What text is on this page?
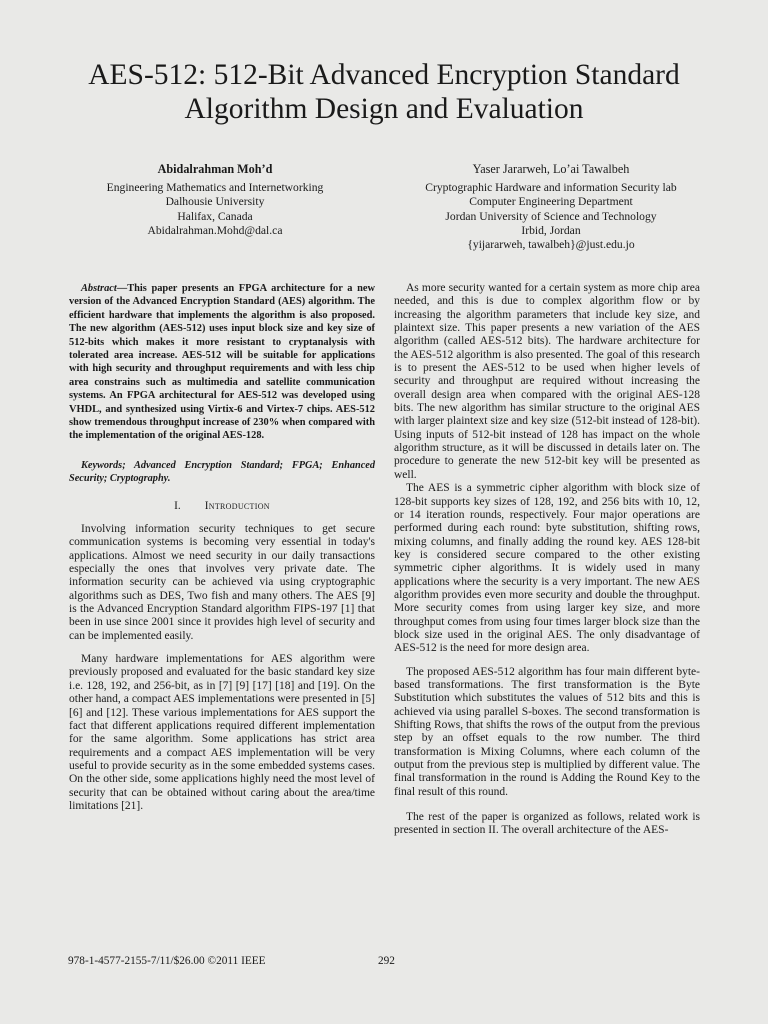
AES-512: 512-Bit Advanced Encryption Standard
Algorithm Design and Evaluation
Abidalrahman Moh’d
Engineering Mathematics and Internetworking
Dalhousie University
Halifax, Canada
Abidalrahman.Mohd@dal.ca
Yaser Jararweh, Lo’ai Tawalbeh
Cryptographic Hardware and information Security lab
Computer Engineering Department
Jordan University of Science and Technology
Irbid, Jordan
{yijararweh, tawalbeh}@just.edu.jo

Abstract—This paper presents an FPGA architecture for a new version of the Advanced Encryption Standard (AES) algorithm. The efficient hardware that implements the algorithm is also proposed. The new algorithm (AES-512) uses input block size and key size of 512-bits which makes it more resistant to cryptanalysis with tolerated area increase. AES-512 will be suitable for applications with high security and throughput requirements and with less chip area constrains such as multimedia and satellite communication systems. An FPGA architectural for AES-512 was developed using VHDL, and synthesized using Virtix-6 and Virtex-7 chips. AES-512 show tremendous throughput increase of 230% when compared with the implementation of the original AES-128.

Keywords; Advanced Encryption Standard; FPGA; Enhanced Security; Cryptography.

I. Introduction

Involving information security techniques to get secure communication systems is becoming very essential in today's applications. Almost we need security in our daily transactions especially the ones that involves very private date. The information security can be achieved via using cryptographic algorithms such as DES, Two fish and many others. The AES [9] is the Advanced Encryption Standard algorithm FIPS-197 [1] that been in use since 2001 since it provides high level of security and can be implemented easily.

Many hardware implementations for AES algorithm were previously proposed and evaluated for the basic standard key size i.e. 128, 192, and 256-bit, as in [7] [9] [17] [18] and [19]. On the other hand, a compact AES implementations were presented in [5] [6] and [12]. These various implementations for AES support the fact that different applications required different implementation for the same algorithm. Some applications has strict area requirements and a compact AES implementation will be very useful to provide security as in the some embedded systems cases. On the other side, some applications highly need the most level of security that can be obtained without caring about the area/time limitations [21].

As more security wanted for a certain system as more chip area needed, and this is due to complex algorithm flow or by increasing the algorithm parameters that include key size, and plaintext size. This paper presents a new variation of the AES algorithm (called AES-512 bits). The hardware architecture for the AES-512 algorithm is also presented. The goal of this research is to present the AES-512 to be used when higher levels of security and throughput are required without increasing the overall design area when compared with the original AES-128 bits. The new algorithm has similar structure to the original AES with larger plaintext size and key size (512-bit instead of 128-bit). Using inputs of 512-bit instead of 128 has impact on the whole algorithm structure, as it will be discussed in details later on. The procedure to generate the new 512-bit key will be presented as well.

The AES is a symmetric cipher algorithm with block size of 128-bit supports key sizes of 128, 192, and 256 bits with 10, 12, or 14 iteration rounds, respectively. Four major operations are performed during each round: byte substitution, shifting rows, mixing columns, and finally adding the round key. AES 128-bit key is considered secure compared to the other existing symmetric cipher algorithms. It is widely used in many applications where the security is a very important. The new AES algorithm provides even more security and double the throughput. More security comes from using larger key size, and more throughput comes from using four times larger block size than the block size used in the original AES. The only disadvantage of AES-512 is the need for more design area.

The proposed AES-512 algorithm has four main different byte-based transformations. The first transformation is the Byte Substitution which substitutes the values of 512 bits and this is achieved via using parallel S-boxes. The second transformation is Shifting Rows, that shifts the rows of the output from the previous step by an offset equals to the row number. The third transformation is Mixing Columns, where each column of the output from the previous step is multiplied by different value. The final transformation in the round is Adding the Round Key to the final result of this round.

The rest of the paper is organized as follows, related work is presented in section II. The overall architecture of the AES-

978-1-4577-2155-7/11/$26.00 ©2011 IEEE	292
